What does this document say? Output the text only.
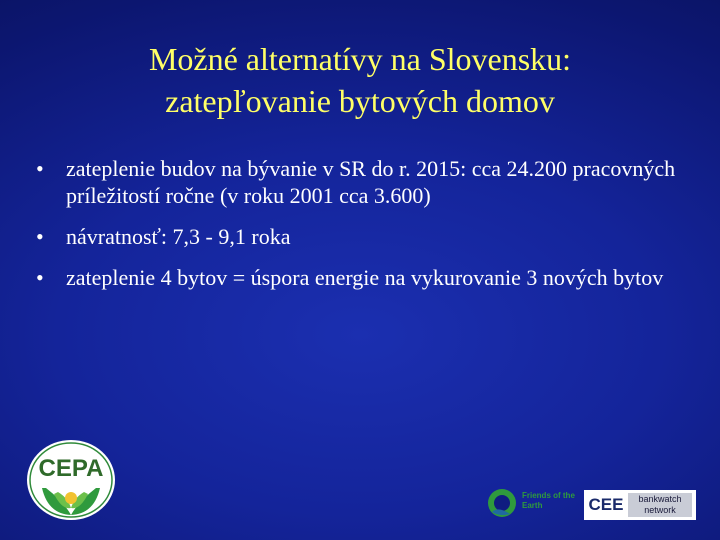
Možné alternatívy na Slovensku:
zatepľovanie bytových domov
• zateplenie budov na bývanie v SR do r. 2015: cca 24.200 pracovných príležitostí ročne (v roku 2001 cca 3.600)
• návratnosť: 7,3 - 9,1 roka
• zateplenie 4 bytov = úspora energie na vykurovanie 3 nových bytov
CEPA
Friends of the
Earth	CEE	bankwatch
network
